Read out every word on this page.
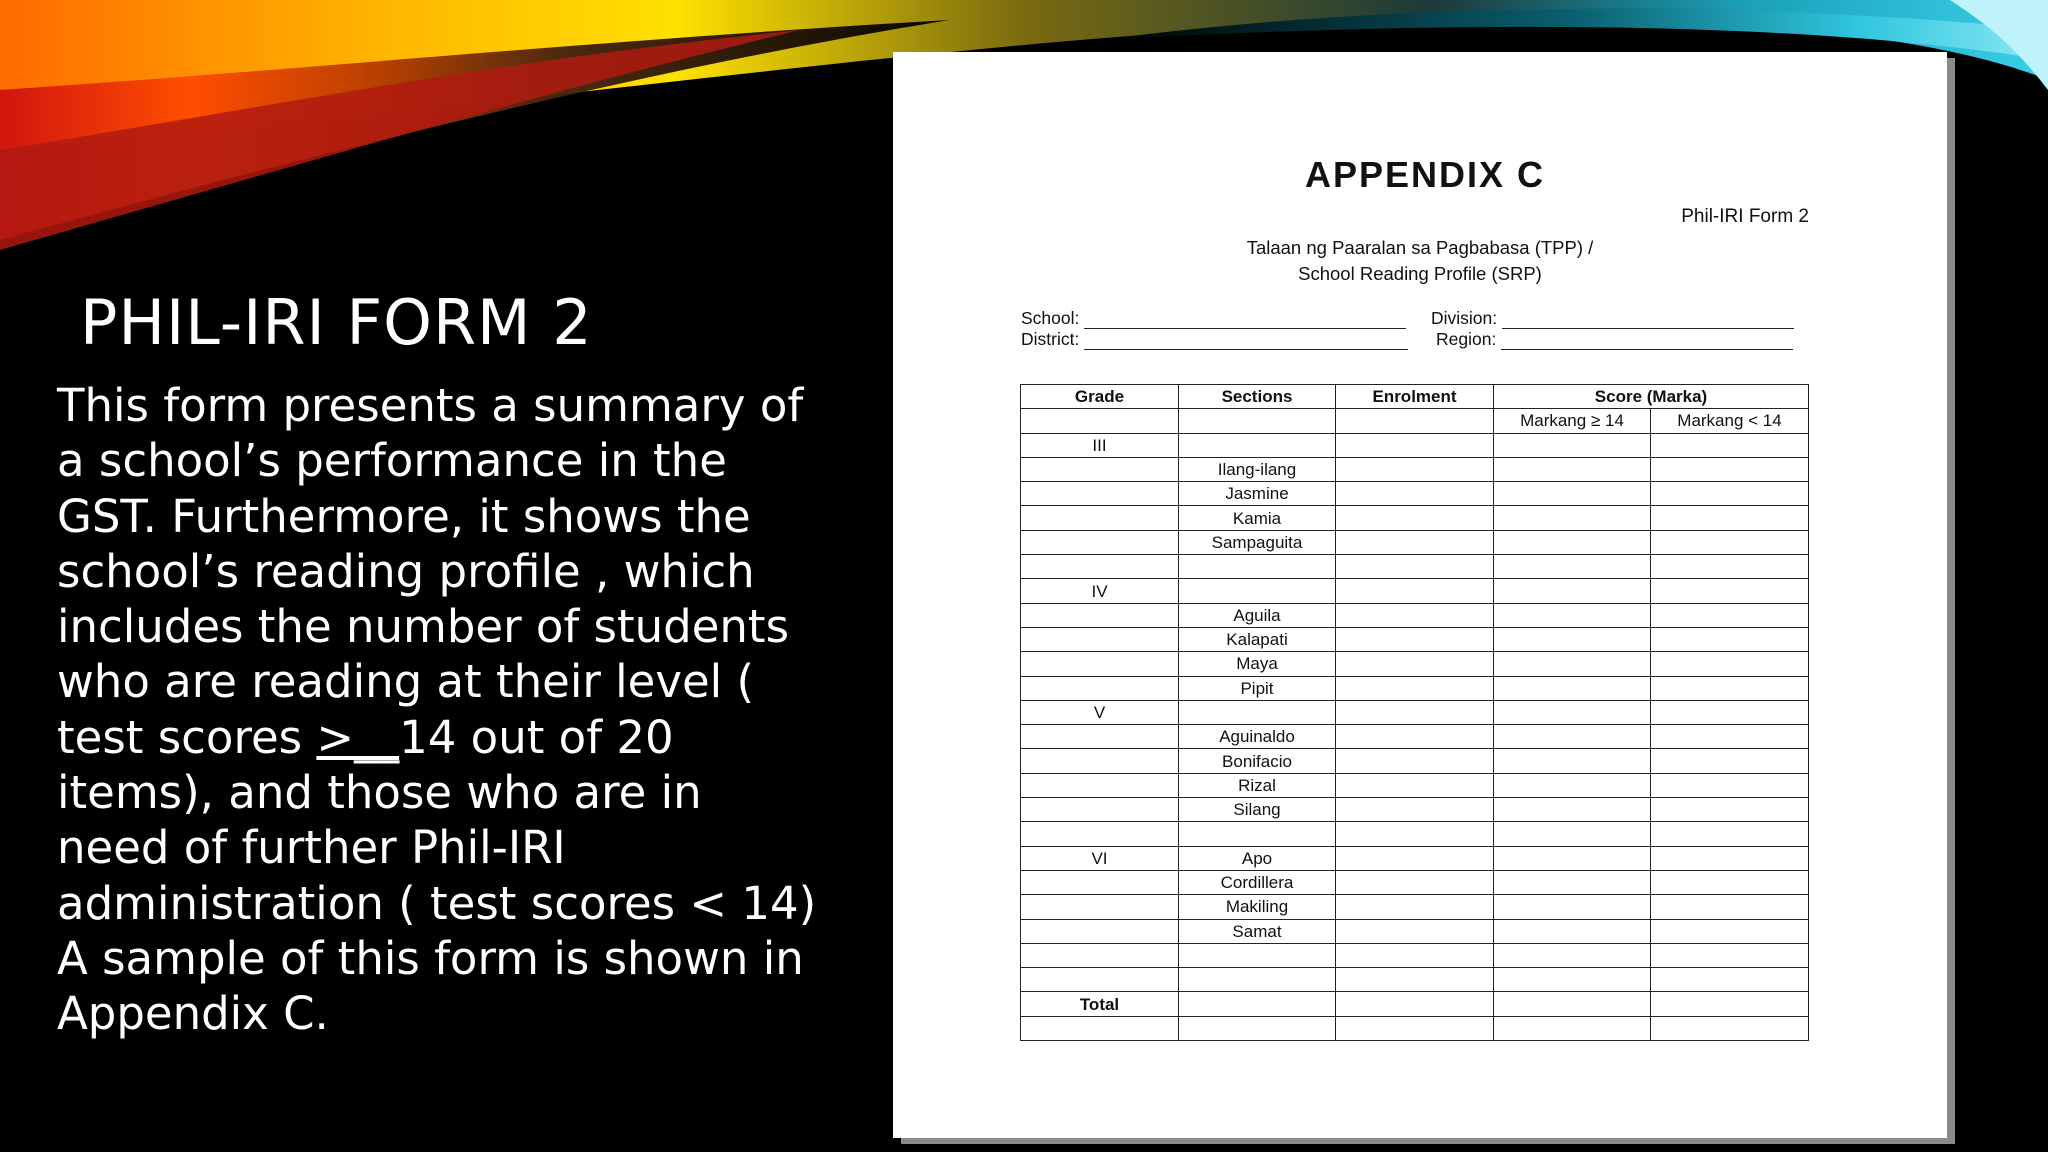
PHIL-IRI FORM 2
This form presents a summary of a school’s performance in the GST. Furthermore, it shows the school’s reading profile , which includes the number of students who are reading at their level ( test scores >__14 out of 20 items), and those who are in need of further Phil-IRI administration ( test scores < 14) A sample of this form is shown in Appendix C.
APPENDIX C
Phil-IRI Form 2
Talaan ng Paaralan sa Pagbabasa (TPP) /
School Reading Profile (SRP)
School:
District:
Division:
Region:
Grade	Sections	Enrolment	Score (Marka)	
			Markang ≥ 14	Markang < 14
III				
	Ilang-ilang			
	Jasmine			
	Kamia			
	Sampaguita			

IV				
	Aguila			
	Kalapati			
	Maya			
	Pipit			
V				
	Aguinaldo			
	Bonifacio			
	Rizal			
	Silang			

VI	Apo			
	Cordillera			
	Makiling			
	Samat			

Total				
